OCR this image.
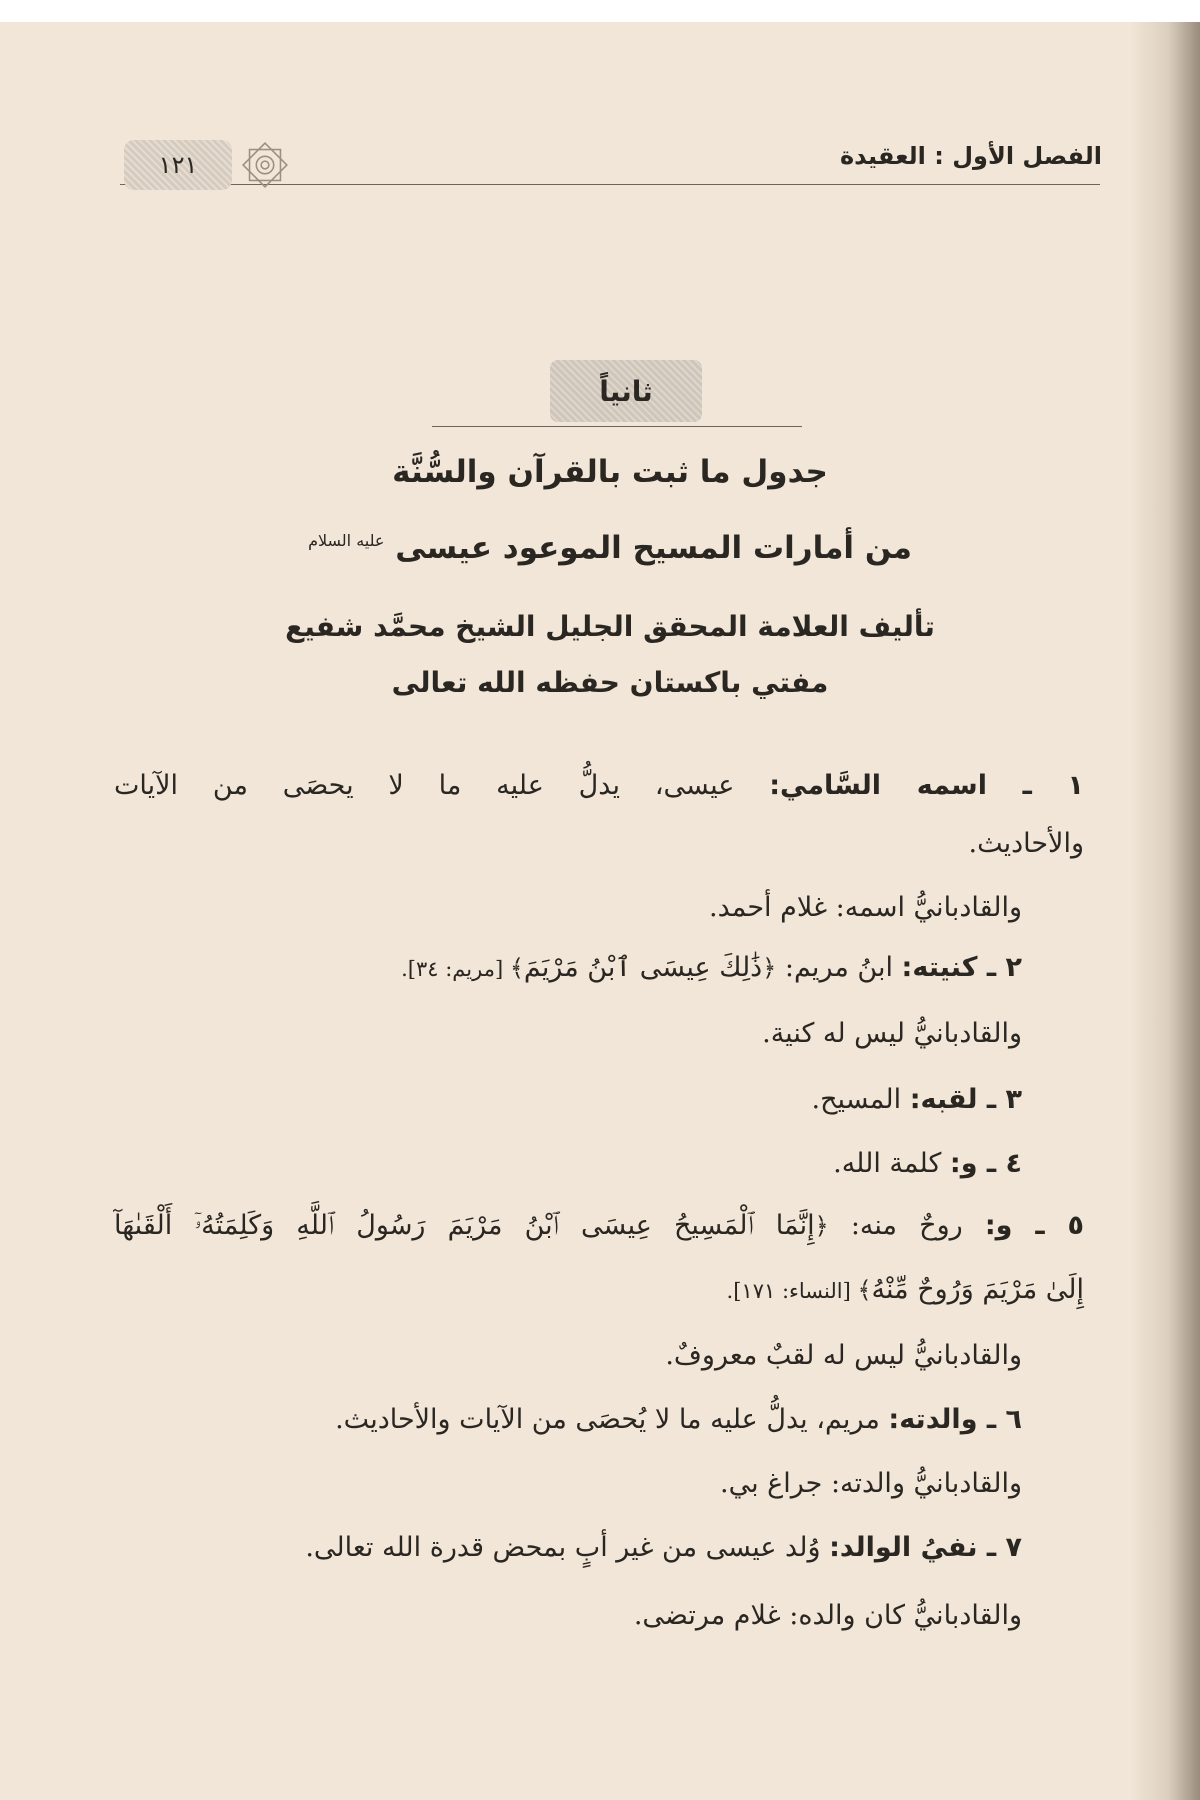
الفصل الأول : العقيدة
١٢١
ثانياً
جدول ما ثبت بالقرآن والسُّنَّة
من أمارات المسيح الموعود عيسى $^{عليه السلام}$
تأليف العلامة المحقق الجليل الشيخ محمَّد شفيع
مفتي باكستان حفظه الله تعالى
١ ـ اسمه السَّامي: عيسى، يدلُّ عليه ما لا يحصَى من الآيات
والأحاديث.
والقادبانيُّ اسمه: غلام أحمد.
٢ ـ كنيته: ابنُ مريم: ﴿ذَٰلِكَ عِيسَى ٱبْنُ مَرْيَمَ﴾ [مريم: ٣٤].
والقادبانيُّ ليس له كنية.
٣ ـ لقبه: المسيح.
٤ ـ و: كلمة الله.
٥ ـ و: روحٌ منه: ﴿إِنَّمَا ٱلْمَسِيحُ عِيسَى ٱبْنُ مَرْيَمَ رَسُولُ ٱللَّهِ وَكَلِمَتُهُۥٓ أَلْقَىٰهَآ
إِلَىٰ مَرْيَمَ وَرُوحٌ مِّنْهُ﴾ [النساء: ١٧١].
والقادبانيُّ ليس له لقبٌ معروفٌ.
٦ ـ والدته: مريم، يدلُّ عليه ما لا يُحصَى من الآيات والأحاديث.
والقادبانيُّ والدته: جراغ بي.
٧ ـ نفيُ الوالد: وُلد عيسى من غير أبٍ بمحض قدرة الله تعالى.
والقادبانيُّ كان والده: غلام مرتضى.
